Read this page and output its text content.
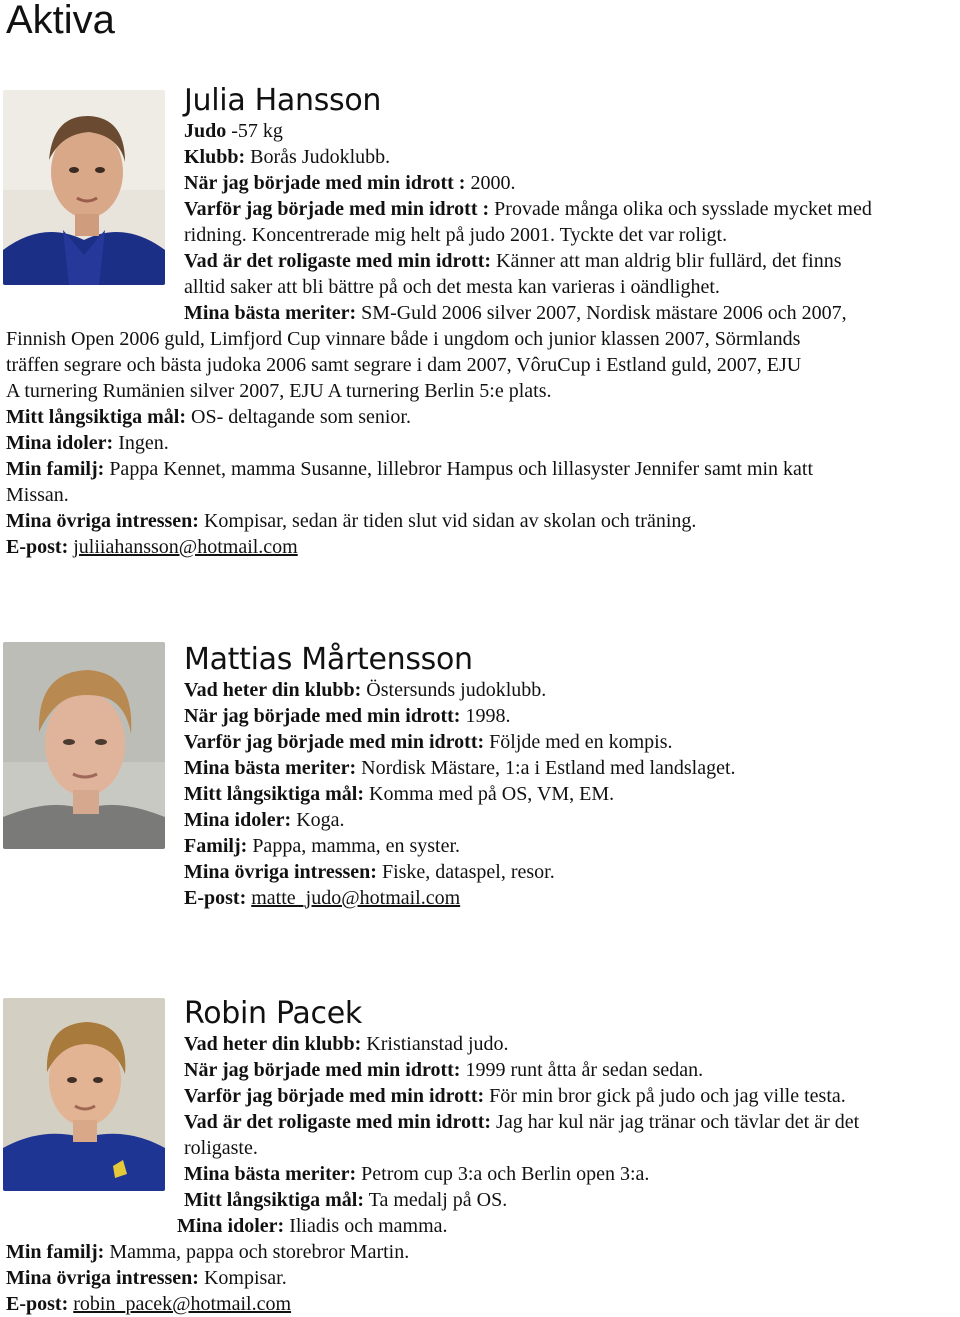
Aktiva
Julia Hansson
Judo -57 kg
Klubb: Borås Judoklubb.
När jag började med min idrott : 2000.
Varför jag började med min idrott : Provade många olika och sysslade mycket med
ridning. Koncentrerade mig helt på judo 2001. Tyckte det var roligt.
Vad är det roligaste med min idrott: Känner att man aldrig blir fullärd, det finns
alltid saker att bli bättre på och det mesta kan varieras i oändlighet.
Mina bästa meriter: SM-Guld 2006 silver 2007, Nordisk mästare 2006 och 2007,
Finnish Open 2006 guld, Limfjord Cup vinnare både i ungdom och junior klassen 2007, Sörmlands
träffen segrare och bästa judoka 2006 samt segrare i dam 2007, VôruCup i Estland guld, 2007, EJU
A turnering Rumänien silver 2007, EJU A turnering Berlin 5:e plats.
Mitt långsiktiga mål: OS- deltagande som senior.
Mina idoler: Ingen.
Min familj: Pappa Kennet, mamma Susanne, lillebror Hampus och lillasyster Jennifer samt min katt
Missan.
Mina övriga intressen: Kompisar, sedan är tiden slut vid sidan av skolan och träning.
E-post: juliiahansson@hotmail.com
Mattias Mårtensson
Vad heter din klubb: Östersunds judoklubb.
När jag började med min idrott: 1998.
Varför jag började med min idrott: Följde med en kompis.
Mina bästa meriter: Nordisk Mästare, 1:a i Estland med landslaget.
Mitt långsiktiga mål: Komma med på OS, VM, EM.
Mina idoler: Koga.
Familj: Pappa, mamma, en syster.
Mina övriga intressen: Fiske, dataspel, resor.
E-post: matte_judo@hotmail.com
Robin Pacek
Vad heter din klubb: Kristianstad judo.
När jag började med min idrott: 1999 runt åtta år sedan sedan.
Varför jag började med min idrott: För min bror gick på judo och jag ville testa.
Vad är det roligaste med min idrott: Jag har kul när jag tränar och tävlar det är det
roligaste.
Mina bästa meriter: Petrom cup 3:a och Berlin open 3:a.
Mitt långsiktiga mål: Ta medalj på OS.
Mina idoler: Iliadis och mamma.
Min familj: Mamma, pappa och storebror Martin.
Mina övriga intressen: Kompisar.
E-post: robin_pacek@hotmail.com
